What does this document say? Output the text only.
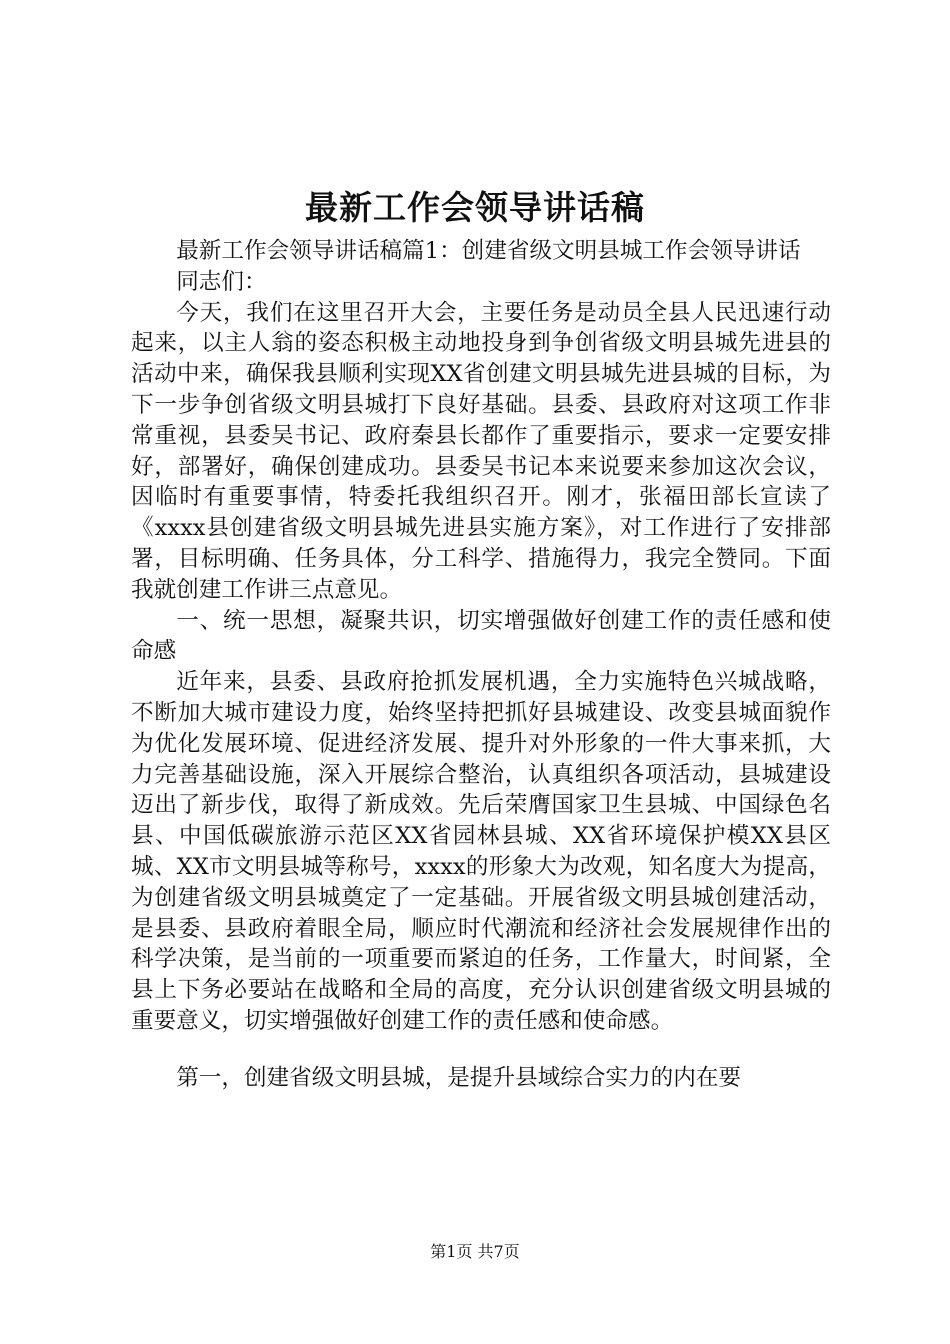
最新工作会领导讲话稿

最新工作会领导讲话稿篇1：创建省级文明县城工作会领导讲话

同志们：

今天，我们在这里召开大会，主要任务是动员全县人民迅速行动起来，以主人翁的姿态积极主动地投身到争创省级文明县城先进县的活动中来，确保我县顺利实现XX省创建文明县城先进县城的目标，为下一步争创省级文明县城打下良好基础。县委、县政府对这项工作非常重视，县委吴书记、政府秦县长都作了重要指示，要求一定要安排好，部署好，确保创建成功。县委吴书记本来说要来参加这次会议，因临时有重要事情，特委托我组织召开。刚才，张福田部长宣读了《xxxx县创建省级文明县城先进县实施方案》，对工作进行了安排部署，目标明确、任务具体，分工科学、措施得力，我完全赞同。下面我就创建工作讲三点意见。

一、统一思想，凝聚共识，切实增强做好创建工作的责任感和使命感

近年来，县委、县政府抢抓发展机遇，全力实施特色兴城战略，不断加大城市建设力度，始终坚持把抓好县城建设、改变县城面貌作为优化发展环境、促进经济发展、提升对外形象的一件大事来抓，大力完善基础设施，深入开展综合整治，认真组织各项活动，县城建设迈出了新步伐，取得了新成效。先后荣膺国家卫生县城、中国绿色名县、中国低碳旅游示范区XX省园林县城、XX省环境保护模XX县区城、XX市文明县城等称号，xxxx的形象大为改观，知名度大为提高，为创建省级文明县城奠定了一定基础。开展省级文明县城创建活动，是县委、县政府着眼全局，顺应时代潮流和经济社会发展规律作出的科学决策，是当前的一项重要而紧迫的任务，工作量大，时间紧，全县上下务必要站在战略和全局的高度，充分认识创建省级文明县城的重要意义，切实增强做好创建工作的责任感和使命感。

第一，创建省级文明县城，是提升县域综合实力的内在要

第1页 共7页
